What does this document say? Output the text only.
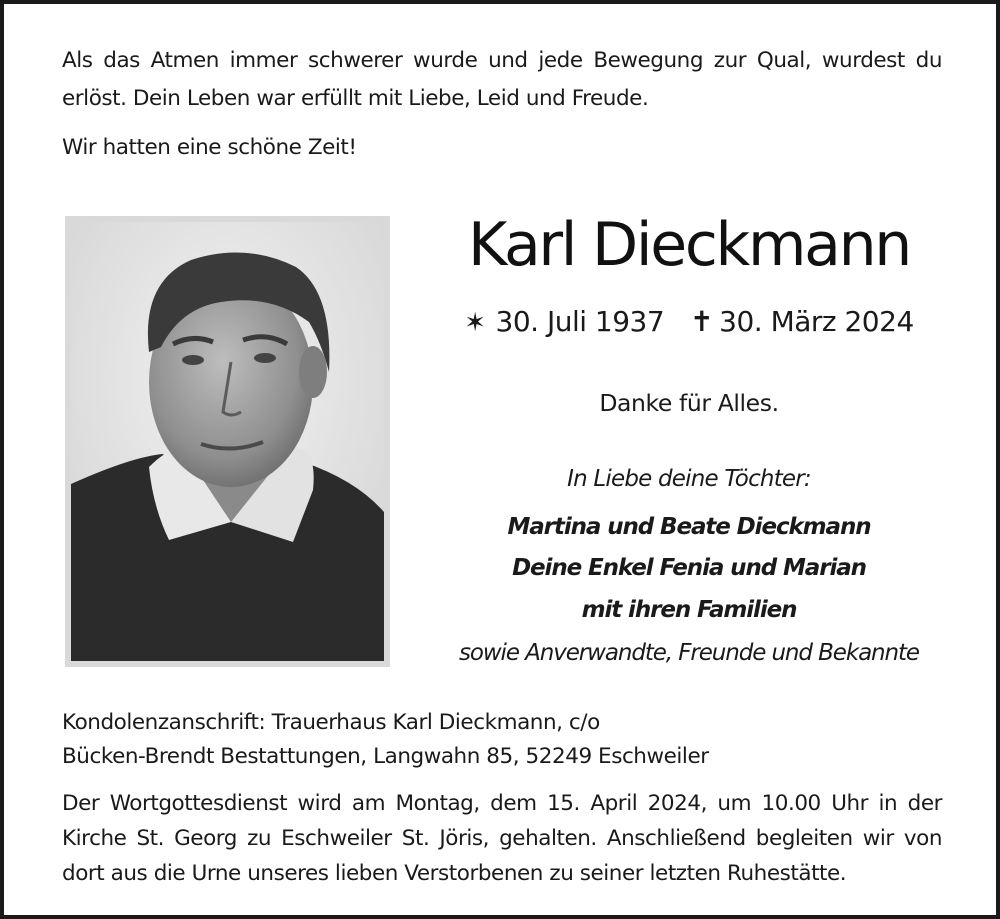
Als das Atmen immer schwerer wurde und jede Bewegung zur Qual, wurdest du erlöst. Dein Leben war erfüllt mit Liebe, Leid und Freude.

Wir hatten eine schöne Zeit!

Karl Dieckmann
✶ 30. Juli 1937 ✝ 30. März 2024

Danke für Alles.

In Liebe deine Töchter:

Martina und Beate Dieckmann

Deine Enkel Fenia und Marian

mit ihren Familien

sowie Anverwandte, Freunde und Bekannte

Kondolenzanschrift: Trauerhaus Karl Dieckmann, c/o

Bücken-Brendt Bestattungen, Langwahn 85, 52249 Eschweiler

Der Wortgottesdienst wird am Montag, dem 15. April 2024, um 10.00 Uhr in der Kirche St. Georg zu Eschweiler St. Jöris, gehalten. Anschließend begleiten wir von dort aus die Urne unseres lieben Verstorbenen zu seiner letzten Ruhestätte.
